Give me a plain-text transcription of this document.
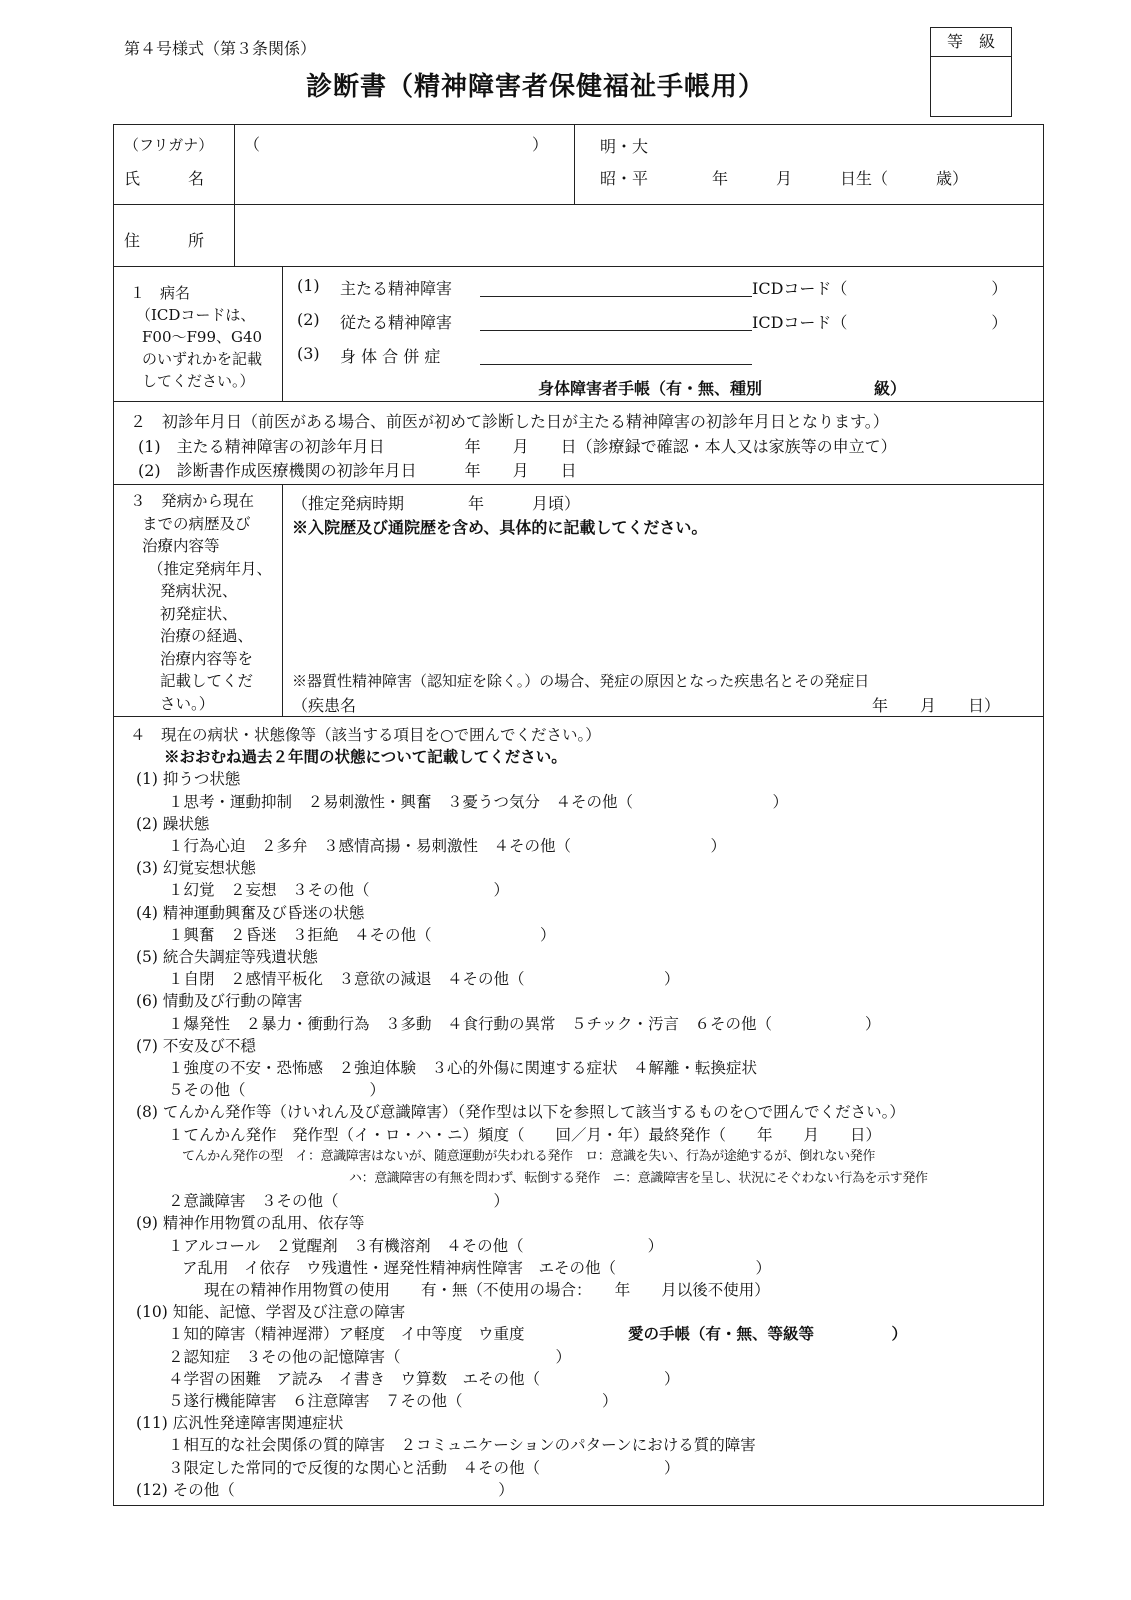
第４号様式（第３条関係）
診断書（精神障害者保健福祉手帳用）
等　級
（フリガナ） （	）
氏　　　名
明・大
昭・平	年　　　月　　　日生（　　　歳）
住　　　所
１　病名
（ICDコードは、
F00～F99、G40
のいずれかを記載
してください。）
(1) 主たる精神障害	ICDコード（　　　　　　　　　）
(2) 従たる精神障害	ICDコード（　　　　　　　　　）
(3) 身 体 合 併 症
身体障害者手帳（有・無、種別　　　　　　　級）
２　初診年月日（前医がある場合、前医が初めて診断した日が主たる精神障害の初診年月日となります。）
(1)　主たる精神障害の初診年月日　　　　　年　　月　　日（診療録で確認・本人又は家族等の申立て）
(2)　診断書作成医療機関の初診年月日　　　年　　月　　日
３　発病から現在
までの病歴及び
治療内容等
（推定発病年月、
発病状況、
初発症状、
治療の経過、
治療内容等を
記載してくだ
さい。）
（推定発病時期　　　　年　　　月頃）
※入院歴及び通院歴を含め、具体的に記載してください。
※器質性精神障害（認知症を除く。）の場合、発症の原因となった疾患名とその発症日
（疾患名	年　　月　　日）
４　現在の病状・状態像等（該当する項目を○で囲んでください。）
※おおむね過去２年間の状態について記載してください。
(1) 抑うつ状態
１思考・運動抑制　２易刺激性・興奮　３憂うつ気分　４その他（　　　　　　　　　）
(2) 躁状態
１行為心迫　２多弁　３感情高揚・易刺激性　４その他（　　　　　　　　　）
(3) 幻覚妄想状態
１幻覚　２妄想　３その他（　　　　　　　　）
(4) 精神運動興奮及び昏迷の状態
１興奮　２昏迷　３拒絶　４その他（　　　　　　　）
(5) 統合失調症等残遺状態
１自閉　２感情平板化　３意欲の減退　４その他（　　　　　　　　　）
(6) 情動及び行動の障害
１爆発性　２暴力・衝動行為　３多動　４食行動の異常　５チック・汚言　６その他（　　　　　　）
(7) 不安及び不穏
１強度の不安・恐怖感　２強迫体験　３心的外傷に関連する症状　４解離・転換症状
５その他（　　　　　　　　）
(8) てんかん発作等（けいれん及び意識障害）（発作型は以下を参照して該当するものを○で囲んでください。）
１てんかん発作　発作型（イ・ロ・ハ・ニ）頻度（　　回／月・年）最終発作（　　年　　月　　日）
てんかん発作の型　イ：意識障害はないが、随意運動が失われる発作　ロ：意識を失い、行為が途絶するが、倒れない発作
ハ：意識障害の有無を問わず、転倒する発作　ニ：意識障害を呈し、状況にそぐわない行為を示す発作
２意識障害　３その他（　　　　　　　　　　）
(9) 精神作用物質の乱用、依存等
１アルコール　２覚醒剤　３有機溶剤　４その他（　　　　　　　　）
ア乱用　イ依存　ウ残遺性・遅発性精神病性障害　エその他（　　　　　　　　　）
現在の精神作用物質の使用　　有・無（不使用の場合：　　年　　月以後不使用）
(10) 知能、記憶、学習及び注意の障害
１知的障害（精神遅滞）ア軽度　イ中等度　ウ重度	愛の手帳（有・無、等級等　　　　　）
２認知症　３その他の記憶障害（　　　　　　　　　　）
４学習の困難　ア読み　イ書き　ウ算数　エその他（　　　　　　　　）
５遂行機能障害　６注意障害　７その他（　　　　　　　　　）
(11) 広汎性発達障害関連症状
１相互的な社会関係の質的障害　２コミュニケーションのパターンにおける質的障害
３限定した常同的で反復的な関心と活動　４その他（　　　　　　　　）
(12) その他（　　　　　　　　　　　　　　　　　）
